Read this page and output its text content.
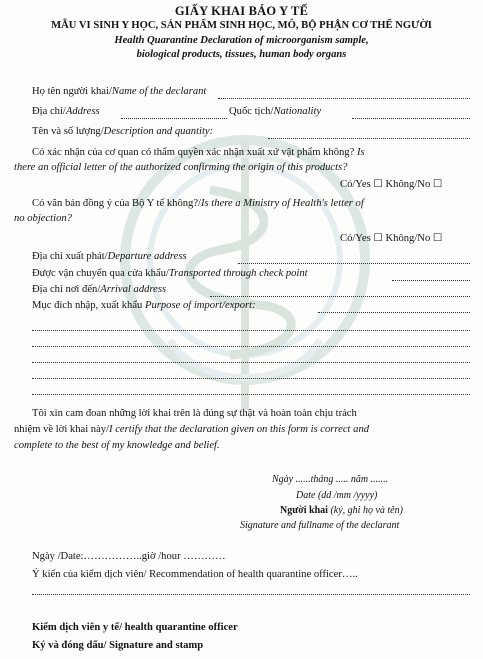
GIẤY KHAI BÁO Y TẾ
MẪU VI SINH Y HỌC, SẢN PHẨM SINH HỌC, MÔ, BỘ PHẬN CƠ THỂ NGƯỜI
Health Quarantine Declaration of microorganism sample,
biological products, tissues, human body organs
Họ tên người khai/Name of the declarant
Địa chỉ/Address	Quốc tịch/Nationality
Tên và số lượng/Description and quantity:
Có xác nhận của cơ quan có thẩm quyền xác nhận xuất xứ vật phẩm không? Is
there an official letter of the authorized confirming the origin of this products?
Có/Yes ☐ Không/No ☐
Có văn bản đồng ý của Bộ Y tế không?/Is there a Ministry of Health's letter of
no objection?
Có/Yes ☐ Không/No ☐
Địa chỉ xuất phát/Departure address
Được vận chuyển qua cửa khẩu/Transported through check point
Địa chỉ nơi đến/Arrival address
Mục đích nhập, xuất khẩu Purpose of import/export:
Tôi xin cam đoan những lời khai trên là đúng sự thật và hoàn toàn chịu trách
nhiệm về lời khai này/I certify that the declaration given on this form is correct and
complete to the best of my knowledge and belief.
Ngày ......tháng ..... năm .......
Date (dd /mm /yyyy)
Người khai (ký, ghi họ và tên)
Signature and fullname of the declarant
Ngày /Date:……………..giờ /hour …………
Ý kiến của kiểm dịch viên/ Recommendation of health quarantine officer…..
Kiểm dịch viên y tế/ health quarantine officer
Ký và đóng dấu/ Signature and stamp
